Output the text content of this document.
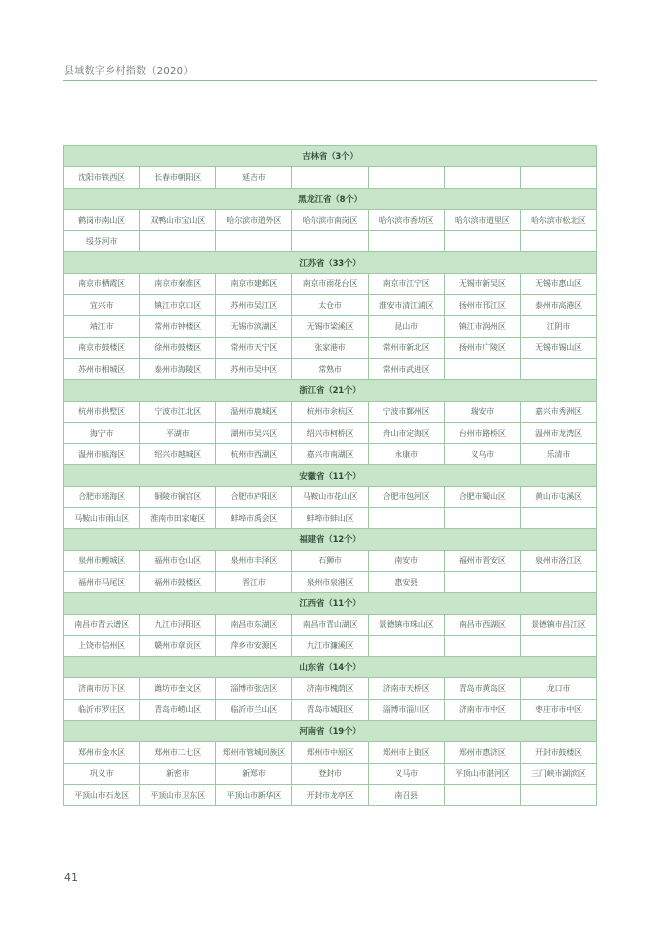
县域数字乡村指数（2020）
吉林省（3个）						
沈阳市铁西区	长春市朝阳区	延吉市				
黑龙江省（8个）						
鹤岗市南山区	双鸭山市宝山区	哈尔滨市道外区	哈尔滨市南岗区	哈尔滨市香坊区	哈尔滨市道里区	哈尔滨市松北区
绥芬河市						
江苏省（33个）						
南京市栖霞区	南京市秦淮区	南京市建邺区	南京市雨花台区	南京市江宁区	无锡市新吴区	无锡市惠山区
宜兴市	镇江市京口区	苏州市吴江区	太仓市	淮安市清江浦区	扬州市邗江区	泰州市高港区
靖江市	常州市钟楼区	无锡市滨湖区	无锡市梁溪区	昆山市	镇江市润州区	江阴市
南京市鼓楼区	徐州市鼓楼区	常州市天宁区	张家港市	常州市新北区	扬州市广陵区	无锡市锡山区
苏州市相城区	泰州市海陵区	苏州市吴中区	常熟市	常州市武进区		
浙江省（21个）						
杭州市拱墅区	宁波市江北区	温州市鹿城区	杭州市余杭区	宁波市鄞州区	瑞安市	嘉兴市秀洲区
海宁市	平湖市	湖州市吴兴区	绍兴市柯桥区	舟山市定海区	台州市路桥区	温州市龙湾区
温州市瓯海区	绍兴市越城区	杭州市西湖区	嘉兴市南湖区	永康市	义乌市	乐清市
安徽省（11个）						
合肥市瑶海区	铜陵市铜官区	合肥市庐阳区	马鞍山市花山区	合肥市包河区	合肥市蜀山区	黄山市屯溪区
马鞍山市雨山区	淮南市田家庵区	蚌埠市禹会区	蚌埠市蚌山区			
福建省（12个）						
泉州市鲤城区	福州市仓山区	泉州市丰泽区	石狮市	南安市	福州市晋安区	泉州市洛江区
福州市马尾区	福州市鼓楼区	晋江市	泉州市泉港区	惠安县		
江西省（11个）						
南昌市青云谱区	九江市浔阳区	南昌市东湖区	南昌市青山湖区	景德镇市珠山区	南昌市西湖区	景德镇市昌江区
上饶市信州区	赣州市章贡区	萍乡市安源区	九江市濂溪区			
山东省（14个）						
济南市历下区	潍坊市奎文区	淄博市张店区	济南市槐荫区	济南市天桥区	青岛市黄岛区	龙口市
临沂市罗庄区	青岛市崂山区	临沂市兰山区	青岛市城阳区	淄博市淄川区	济南市市中区	枣庄市市中区
河南省（19个）						
郑州市金水区	郑州市二七区	郑州市管城回族区	郑州市中原区	郑州市上街区	郑州市惠济区	开封市鼓楼区
巩义市	新密市	新郑市	登封市	义马市	平顶山市湛河区	三门峡市湖滨区
平顶山市石龙区	平顶山市卫东区	平顶山市新华区	开封市龙亭区	南召县		
41
